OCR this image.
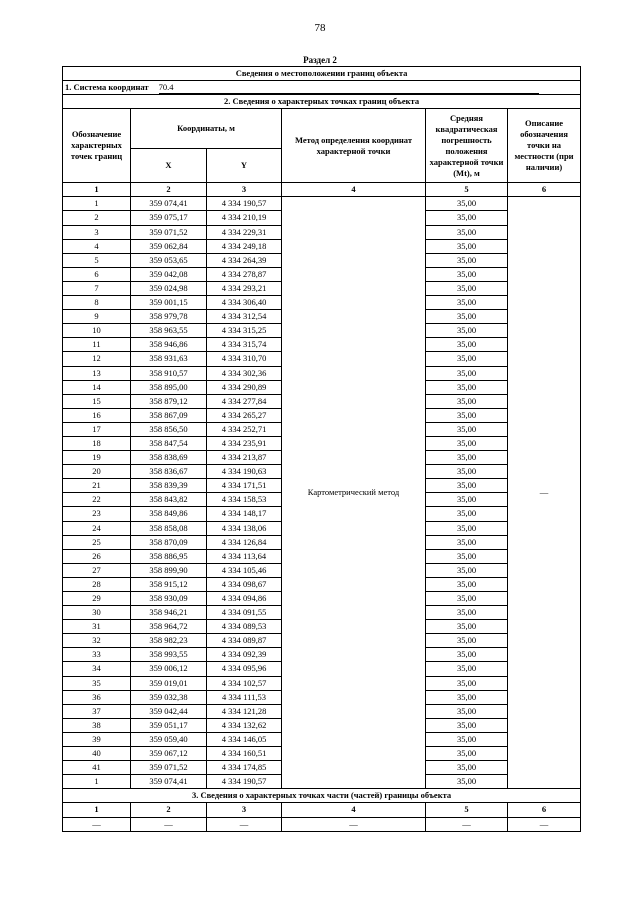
78
Раздел 2
Сведения о местоположении границ объекта					
1. Система координат 70.4					
2. Сведения о характерных точках границ объекта					
Обозначение характерных точек границ	Координаты, м		Метод определения координат характерной точки	Средняя квадратическая погрешность положения характерной точки (Mt), м	Описание обозначения точки на местности (при наличии)
	X	Y			
1	2	3	4	5	6
1	359 074,41	4 334 190,57	Картометрический метод	35,00	—
2	359 075,17	4 334 210,19		35,00	
3	359 071,52	4 334 229,31		35,00	
4	359 062,84	4 334 249,18		35,00	
5	359 053,65	4 334 264,39		35,00	
6	359 042,08	4 334 278,87		35,00	
7	359 024,98	4 334 293,21		35,00	
8	359 001,15	4 334 306,40		35,00	
9	358 979,78	4 334 312,54		35,00	
10	358 963,55	4 334 315,25		35,00	
11	358 946,86	4 334 315,74		35,00	
12	358 931,63	4 334 310,70		35,00	
13	358 910,57	4 334 302,36		35,00	
14	358 895,00	4 334 290,89		35,00	
15	358 879,12	4 334 277,84		35,00	
16	358 867,09	4 334 265,27		35,00	
17	358 856,50	4 334 252,71		35,00	
18	358 847,54	4 334 235,91		35,00	
19	358 838,69	4 334 213,87		35,00	
20	358 836,67	4 334 190,63		35,00	
21	358 839,39	4 334 171,51		35,00	
22	358 843,82	4 334 158,53		35,00	
23	358 849,86	4 334 148,17		35,00	
24	358 858,08	4 334 138,06		35,00	
25	358 870,09	4 334 126,84		35,00	
26	358 886,95	4 334 113,64		35,00	
27	358 899,90	4 334 105,46		35,00	
28	358 915,12	4 334 098,67		35,00	
29	358 930,09	4 334 094,86		35,00	
30	358 946,21	4 334 091,55		35,00	
31	358 964,72	4 334 089,53		35,00	
32	358 982,23	4 334 089,87		35,00	
33	358 993,55	4 334 092,39		35,00	
34	359 006,12	4 334 095,96		35,00	
35	359 019,01	4 334 102,57		35,00	
36	359 032,38	4 334 111,53		35,00	
37	359 042,44	4 334 121,28		35,00	
38	359 051,17	4 334 132,62		35,00	
39	359 059,40	4 334 146,05		35,00	
40	359 067,12	4 334 160,51		35,00	
41	359 071,52	4 334 174,85		35,00	
1	359 074,41	4 334 190,57		35,00	
3. Сведения о характерных точках части (частей) границы объекта					
1	2	3	4	5	6
—	—	—	—	—	—
